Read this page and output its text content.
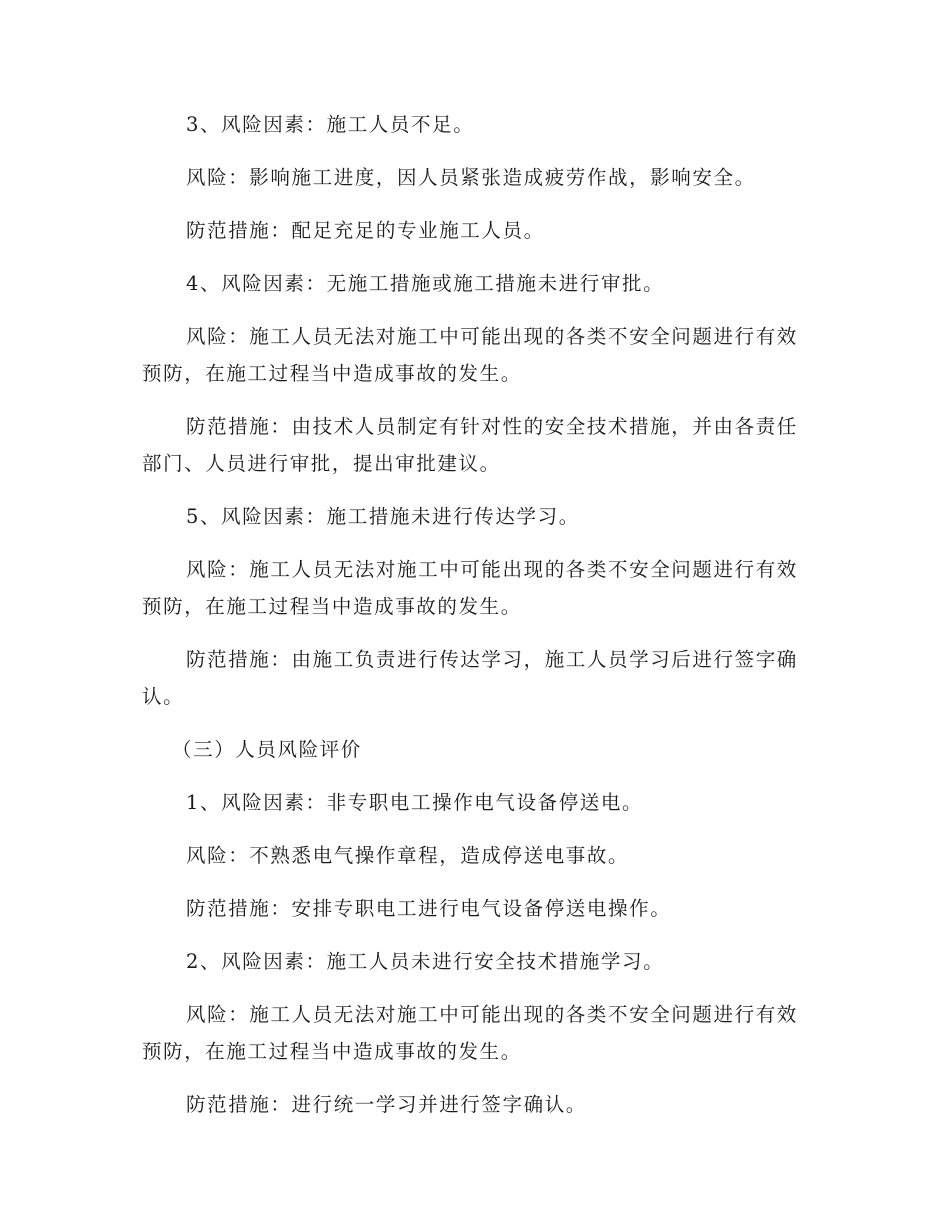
3、风险因素：施工人员不足。

风险：影响施工进度，因人员紧张造成疲劳作战，影响安全。

防范措施：配足充足的专业施工人员。

4、风险因素：无施工措施或施工措施未进行审批。

风险：施工人员无法对施工中可能出现的各类不安全问题进行有效预防，在施工过程当中造成事故的发生。

防范措施：由技术人员制定有针对性的安全技术措施，并由各责任部门、人员进行审批，提出审批建议。

5、风险因素：施工措施未进行传达学习。

风险：施工人员无法对施工中可能出现的各类不安全问题进行有效预防，在施工过程当中造成事故的发生。

防范措施：由施工负责进行传达学习，施工人员学习后进行签字确认。

（三）人员风险评价

1、风险因素：非专职电工操作电气设备停送电。

风险：不熟悉电气操作章程，造成停送电事故。

防范措施：安排专职电工进行电气设备停送电操作。

2、风险因素：施工人员未进行安全技术措施学习。

风险：施工人员无法对施工中可能出现的各类不安全问题进行有效预防，在施工过程当中造成事故的发生。

防范措施：进行统一学习并进行签字确认。
